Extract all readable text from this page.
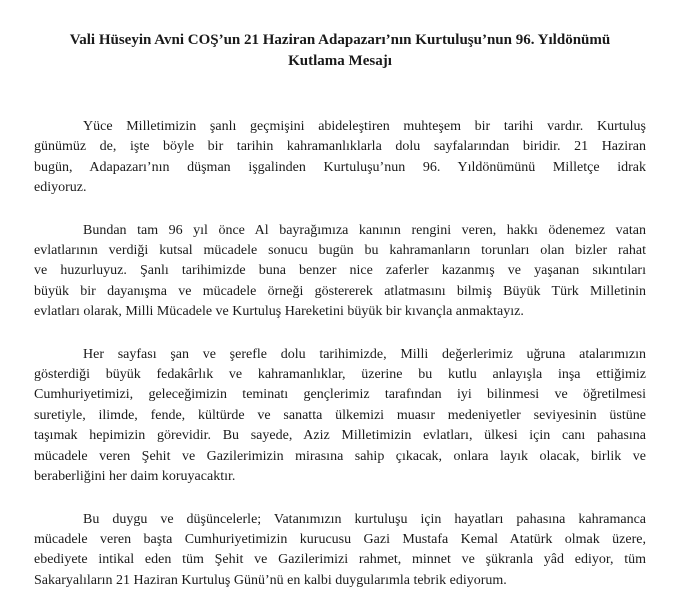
Vali Hüseyin Avni COŞ’un 21 Haziran Adapazarı’nın Kurtuluşu’nun 96. Yıldönümü
Kutlama Mesajı
Yüce Milletimizin şanlı geçmişini abideleştiren muhteşem bir tarihi vardır. Kurtuluş
günümüz de, işte böyle bir tarihin kahramanlıklarla dolu sayfalarından biridir. 21 Haziran
bugün, Adapazarı’nın düşman işgalinden Kurtuluşu’nun 96. Yıldönümünü Milletçe idrak
ediyoruz.
Bundan tam 96 yıl önce Al bayrağımıza kanının rengini veren, hakkı ödenemez vatan
evlatlarının verdiği kutsal mücadele sonucu bugün bu kahramanların torunları olan bizler rahat
ve huzurluyuz. Şanlı tarihimizde buna benzer nice zaferler kazanmış ve yaşanan sıkıntıları
büyük bir dayanışma ve mücadele örneği göstererek atlatmasını bilmiş Büyük Türk Milletinin
evlatları olarak, Milli Mücadele ve Kurtuluş Hareketini büyük bir kıvançla anmaktayız.
Her sayfası şan ve şerefle dolu tarihimizde, Milli değerlerimiz uğruna atalarımızın
gösterdiği büyük fedakârlık ve kahramanlıklar, üzerine bu kutlu anlayışla inşa ettiğimiz
Cumhuriyetimizi, geleceğimizin teminatı gençlerimiz tarafından iyi bilinmesi ve öğretilmesi
suretiyle, ilimde, fende, kültürde ve sanatta ülkemizi muasır medeniyetler seviyesinin üstüne
taşımak hepimizin görevidir. Bu sayede, Aziz Milletimizin evlatları, ülkesi için canı pahasına
mücadele veren Şehit ve Gazilerimizin mirasına sahip çıkacak, onlara layık olacak, birlik ve
beraberliğini her daim koruyacaktır.
Bu duygu ve düşüncelerle; Vatanımızın kurtuluşu için hayatları pahasına kahramanca
mücadele veren başta Cumhuriyetimizin kurucusu Gazi Mustafa Kemal Atatürk olmak üzere,
ebediyete intikal eden tüm Şehit ve Gazilerimizi rahmet, minnet ve şükranla yâd ediyor, tüm
Sakaryalıların 21 Haziran Kurtuluş Günü’nü en kalbi duygularımla tebrik ediyorum.
